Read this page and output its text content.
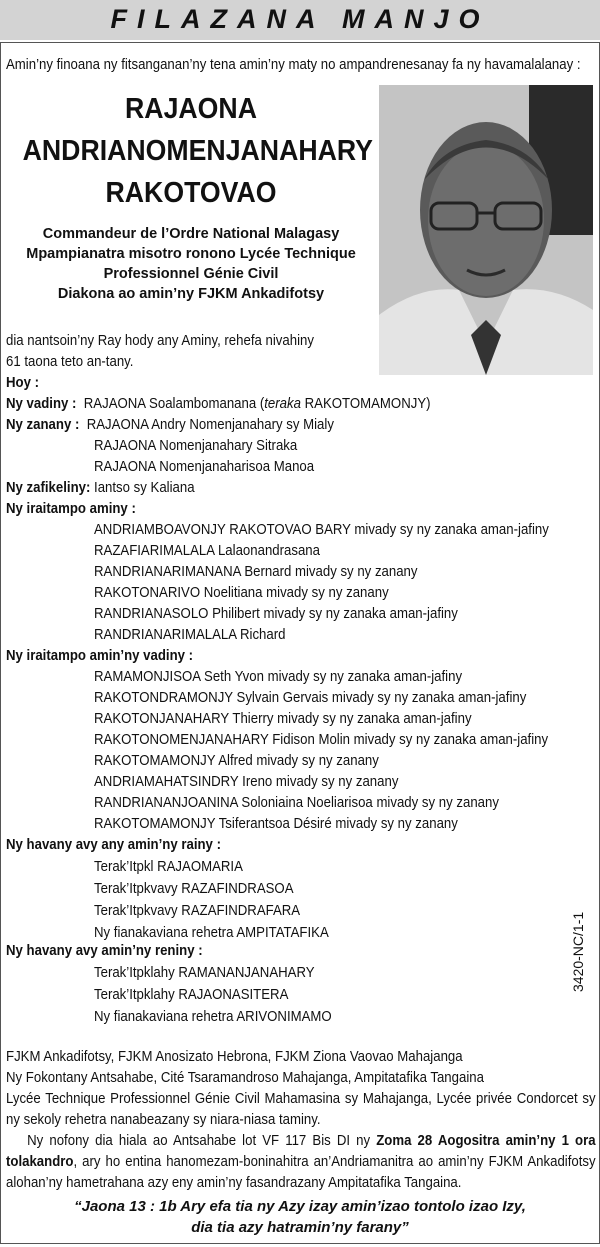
FILAZANA MANJO
Amin’ny finoana ny fitsanganan’ny tena amin’ny maty no ampandrenesanay fa ny havamalalanay :
RAJAONA
ANDRIANOMENJANAHARY
RAKOTOVAO
Commandeur de l’Ordre National Malagasy
Mpampianatra misotro ronono Lycée Technique
Professionnel Génie Civil
Diakona ao amin’ny FJKM Ankadifotsy
dia nantsoin’ny Ray hody any Aminy, rehefa nivahiny
61 taona teto an-tany.
Hoy :
Ny vadiny : RAJAONA Soalambomanana (teraka RAKOTOMAMONJY)
Ny zanany : RAJAONA Andry Nomenjanahary sy Mialy
RAJAONA Nomenjanahary Sitraka
RAJAONA Nomenjanaharisoa Manoa
Ny zafikeliny: Iantso sy Kaliana
Ny iraitampo aminy :
ANDRIAMBOAVONJY RAKOTOVAO BARY mivady sy ny zanaka aman-jafiny
RAZAFIARIMALALA Lalaonandrasana
RANDRIANARIMANANA Bernard mivady sy ny zanany
RAKOTONARIVO Noelitiana mivady sy ny zanany
RANDRIANASOLO Philibert mivady sy ny zanaka aman-jafiny
RANDRIANARIMALALA Richard
Ny iraitampo amin’ny vadiny :
RAMAMONJISOA Seth Yvon mivady sy ny zanaka aman-jafiny
RAKOTONDRAMONJY Sylvain Gervais mivady sy ny zanaka aman-jafiny
RAKOTONJANAHARY Thierry mivady sy ny zanaka aman-jafiny
RAKOTONOMENJANAHARY Fidison Molin mivady sy ny zanaka aman-jafiny
RAKOTOMAMONJY Alfred mivady sy ny zanany
ANDRIAMAHATSINDRY Ireno mivady sy ny zanany
RANDRIANANJOANINA Soloniaina Noeliarisoa mivady sy ny zanany
RAKOTOMAMONJY Tsiferantsoa Désiré mivady sy ny zanany
Ny havany avy any amin’ny rainy :
Terak’Itpkl RAJAOMARIA
Terak’Itpkvavy RAZAFINDRASOA
Terak’Itpkvavy RAZAFINDRAFARA
Ny fianakaviana rehetra AMPITATAFIKA
Ny havany avy amin’ny reniny :
Terak’Itpklahy RAMANANJANAHARY
Terak’Itpklahy RAJAONASITERA
Ny fianakaviana rehetra ARIVONIMAMO
3420-NC/1-1
FJKM Ankadifotsy, FJKM Anosizato Hebrona, FJKM Ziona Vaovao Mahajanga
Ny Fokontany Antsahabe, Cité Tsaramandroso Mahajanga, Ampitatafika Tangaina
Lycée Technique Professionnel Génie Civil Mahamasina sy Mahajanga, Lycée privée Condorcet sy ny sekoly rehetra nanabeazany sy niara-niasa taminy.
Ny nofony dia hiala ao Antsahabe lot VF 117 Bis DI ny Zoma 28 Aogositra amin’ny 1 ora tolakandro, ary ho entina hanomezam-boninahitra an’Andriamanitra ao amin’ny FJKM Ankadifotsy alohan’ny hametrahana azy eny amin’ny fasandrazany Ampitatafika Tangaina.
“Jaona 13 : 1b Ary efa tia ny Azy izay amin’izao tontolo izao Izy,
dia tia azy hatramin’ny farany”
